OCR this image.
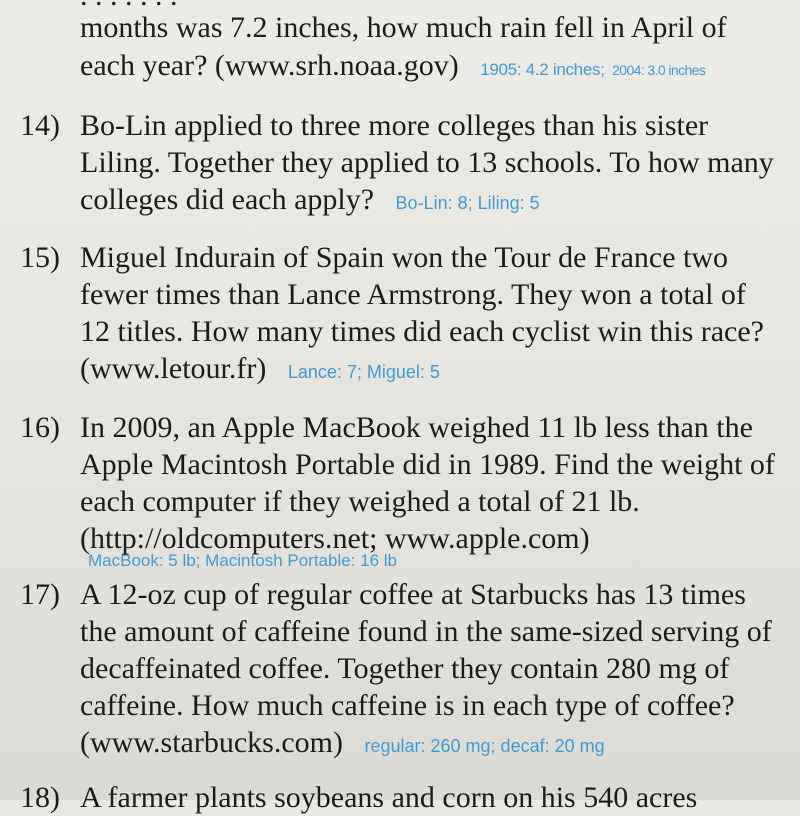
months was 7.2 inches, how much rain fell in April of
each year? (www.srh.noaa.gov) 1905: 4.2 inches; 2004: 3.0 inches
14) Bo-Lin applied to three more colleges than his sister
Liling. Together they applied to 13 schools. To how many
colleges did each apply? Bo-Lin: 8; Liling: 5
15) Miguel Indurain of Spain won the Tour de France two
fewer times than Lance Armstrong. They won a total of
12 titles. How many times did each cyclist win this race?
(www.letour.fr) Lance: 7; Miguel: 5
16) In 2009, an Apple MacBook weighed 11 lb less than the
Apple Macintosh Portable did in 1989. Find the weight of
each computer if they weighed a total of 21 lb.
(http://oldcomputers.net; www.apple.com)
MacBook: 5 lb; Macintosh Portable: 16 lb
17) A 12-oz cup of regular coffee at Starbucks has 13 times
the amount of caffeine found in the same-sized serving of
decaffeinated coffee. Together they contain 280 mg of
caffeine. How much caffeine is in each type of coffee?
(www.starbucks.com) regular: 260 mg; decaf: 20 mg
18) A farmer plants soybeans and corn on his 540 acres
